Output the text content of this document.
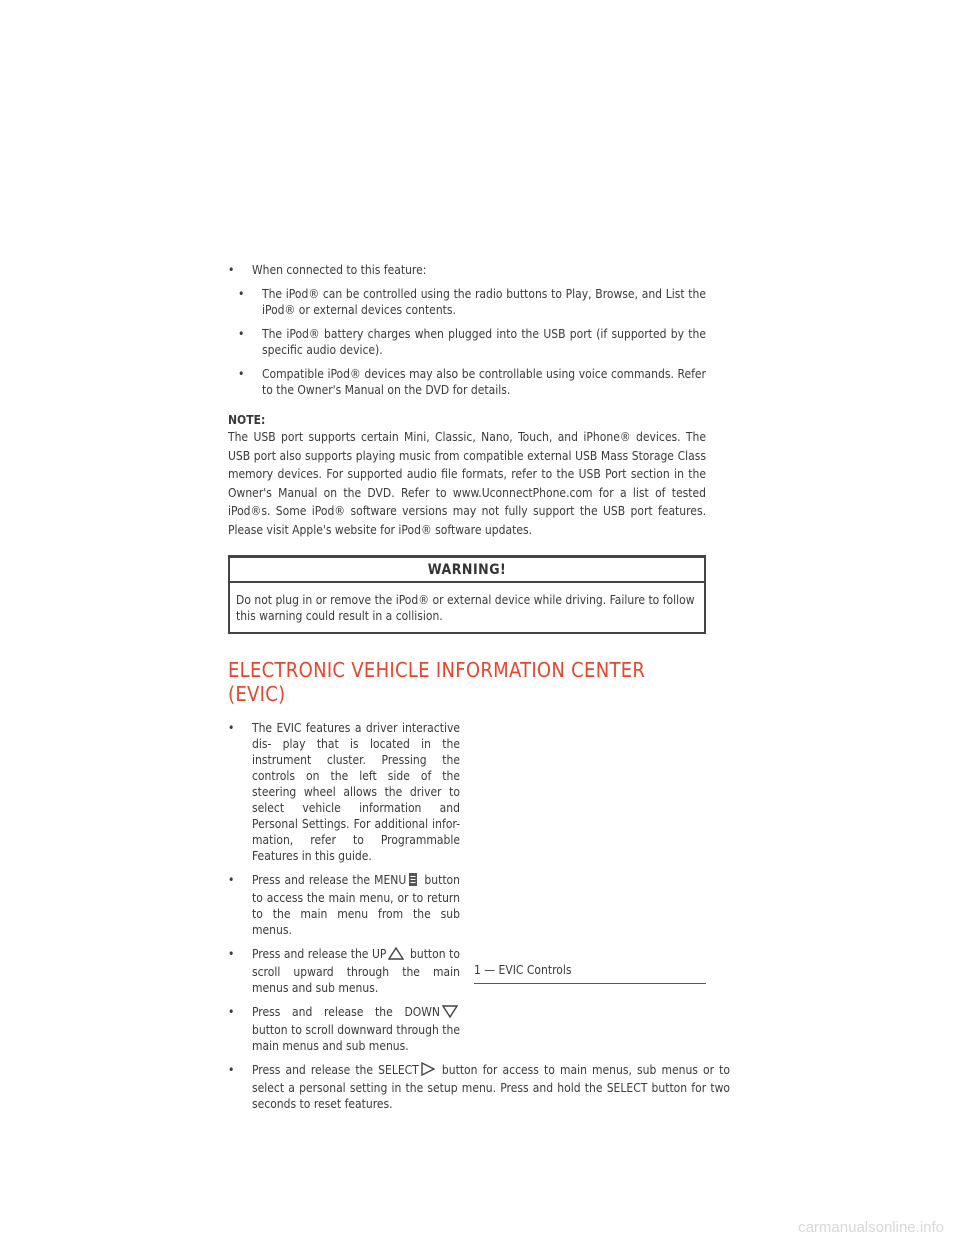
• When connected to this feature:

• The iPod® can be controlled using the radio buttons to Play, Browse, and List the iPod® or external devices contents.

• The iPod® battery charges when plugged into the USB port (if supported by the specific audio device).

• Compatible iPod® devices may also be controllable using voice commands. Refer to the Owner's Manual on the DVD for details.

NOTE:

The USB port supports certain Mini, Classic, Nano, Touch, and iPhone® devices. The USB port also supports playing music from compatible external USB Mass Storage Class memory devices. For supported audio file formats, refer to the USB Port section in the Owner's Manual on the DVD. Refer to www.UconnectPhone.com for a list of tested iPod®s. Some iPod® software versions may not fully support the USB port features. Please visit Apple's website for iPod® software updates.

WARNING!
Do not plug in or remove the iPod® or external device while driving. Failure to follow this warning could result in a collision.
ELECTRONIC VEHICLE INFORMATION CENTER (EVIC)

• The EVIC features a driver interactive dis- play that is located in the instrument cluster. Pressing the controls on the left side of the steering wheel allows the driver to select vehicle information and Personal Settings. For additional infor- mation, refer to Programmable Features in this guide.

• Press and release the MENU button to access the main menu, or to return to the main menu from the sub menus.

• Press and release the UP button to scroll upward through the main menus and sub menus.

• Press and release the DOWN button to scroll downward through the main menus and sub menus.

1 — EVIC Controls

• Press and release the SELECT button for access to main menus, sub menus or to select a personal setting in the setup menu. Press and hold the SELECT button for two seconds to reset features.

carmanualsonline.info
